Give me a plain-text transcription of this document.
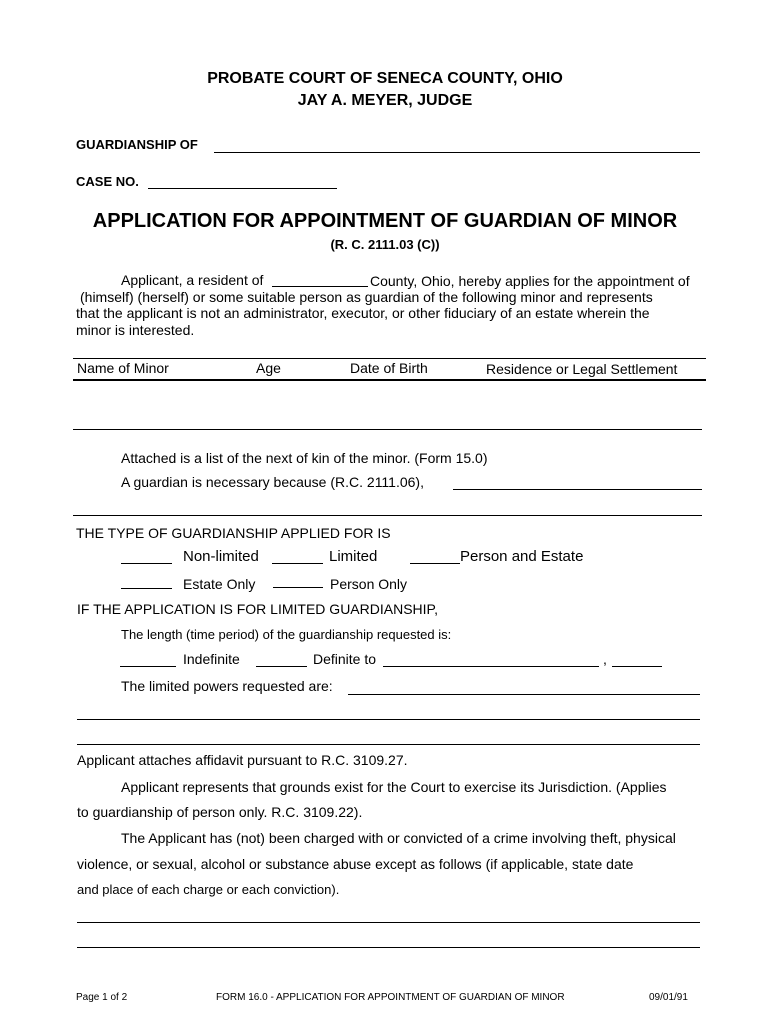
PROBATE COURT OF SENECA COUNTY, OHIO
JAY A. MEYER, JUDGE
GUARDIANSHIP OF
CASE NO.
APPLICATION FOR APPOINTMENT OF GUARDIAN OF MINOR
(R. C. 2111.03 (C))
Applicant, a resident of	County, Ohio, hereby applies for the appointment of
(himself) (herself) or some suitable person as guardian of the following minor and represents
that the applicant is not an administrator, executor, or other fiduciary of an estate wherein the
minor is interested.
Name of Minor	Age	Date of Birth	Residence or Legal Settlement
Attached is a list of the next of kin of the minor. (Form 15.0)
A guardian is necessary because (R.C. 2111.06),
THE TYPE OF GUARDIANSHIP APPLIED FOR IS
Non-limited	Limited	Person and Estate
Estate Only	Person Only
IF THE APPLICATION IS FOR LIMITED GUARDIANSHIP,
The length (time period) of the guardianship requested is:
Indefinite	Definite to	,
The limited powers requested are:
Applicant attaches affidavit pursuant to R.C. 3109.27.
Applicant represents that grounds exist for the Court to exercise its Jurisdiction. (Applies
to guardianship of person only. R.C. 3109.22).
The Applicant has (not) been charged with or convicted of a crime involving theft, physical
violence, or sexual, alcohol or substance abuse except as follows (if applicable, state date
and place of each charge or each conviction).
Page 1 of 2	FORM 16.0 - APPLICATION FOR APPOINTMENT OF GUARDIAN OF MINOR	09/01/91
